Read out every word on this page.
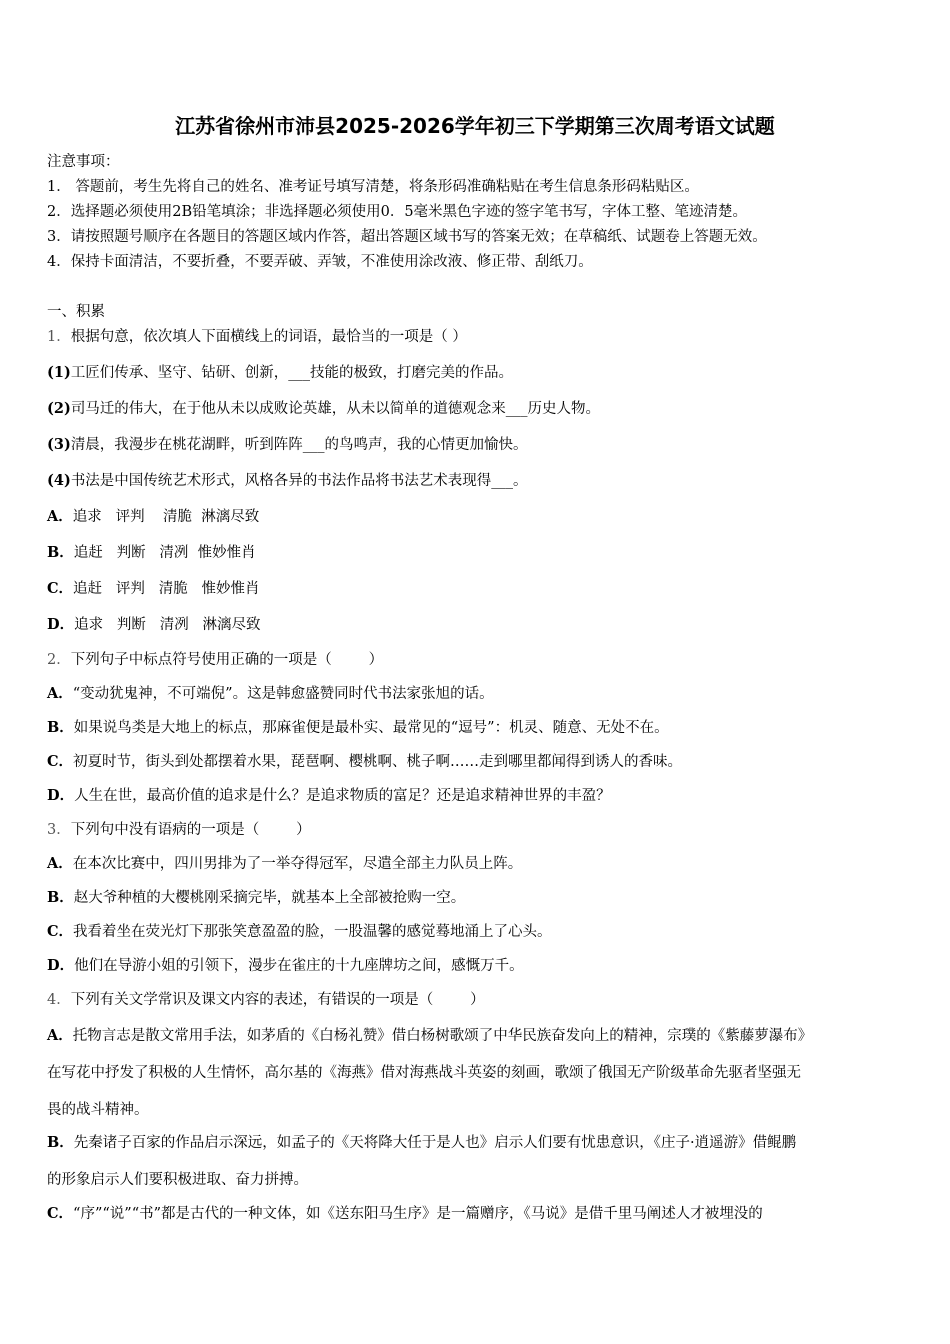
江苏省徐州市沛县2025-2026学年初三下学期第三次周考语文试题
注意事项：
1． 答题前，考生先将自己的姓名、准考证号填写清楚，将条形码准确粘贴在考生信息条形码粘贴区。
2．选择题必须使用2B铅笔填涂；非选择题必须使用0．5毫米黑色字迹的签字笔书写，字体工整、笔迹清楚。
3．请按照题号顺序在各题目的答题区域内作答，超出答题区域书写的答案无效；在草稿纸、试题卷上答题无效。
4．保持卡面清洁，不要折叠，不要弄破、弄皱，不准使用涂改液、修正带、刮纸刀。
一、积累
1．根据句意，依次填人下面横线上的词语，最恰当的一项是（ ）
(1)工匠们传承、坚守、钻研、创新，___技能的极致，打磨完美的作品。
(2)司马迁的伟大，在于他从未以成败论英雄，从未以简单的道德观念来___历史人物。
(3)清晨，我漫步在桃花湖畔，听到阵阵___的鸟鸣声，我的心情更加愉快。
(4)书法是中国传统艺术形式，风格各异的书法作品将书法艺术表现得___。
A．追求   评判    清脆  淋漓尽致
B．追赶   判断   清冽  惟妙惟肖
C．追赶   评判   清脆   惟妙惟肖
D．追求   判断   清冽   淋漓尽致
2．下列句子中标点符号使用正确的一项是（        ）
A．“变动犹鬼神，不可端倪”。这是韩愈盛赞同时代书法家张旭的话。
B．如果说鸟类是大地上的标点，那麻雀便是最朴实、最常见的“逗号”：机灵、随意、无处不在。
C．初夏时节，街头到处都摆着水果，琵琶啊、樱桃啊、桃子啊……走到哪里都闻得到诱人的香味。
D．人生在世，最高价值的追求是什么？是追求物质的富足？还是追求精神世界的丰盈？
3．下列句中没有语病的一项是（        ）
A．在本次比赛中，四川男排为了一举夺得冠军，尽遣全部主力队员上阵。
B．赵大爷种植的大樱桃刚采摘完毕，就基本上全部被抢购一空。
C．我看着坐在荧光灯下那张笑意盈盈的脸，一股温馨的感觉蓦地涌上了心头。
D．他们在导游小姐的引领下，漫步在雀庄的十九座牌坊之间，感慨万千。
4．下列有关文学常识及课文内容的表述，有错误的一项是（        ）
A．托物言志是散文常用手法，如茅盾的《白杨礼赞》借白杨树歌颂了中华民族奋发向上的精神，宗璞的《紫藤萝瀑布》
在写花中抒发了积极的人生情怀，高尔基的《海燕》借对海燕战斗英姿的刻画，歌颂了俄国无产阶级革命先驱者坚强无
畏的战斗精神。
B．先秦诸子百家的作品启示深远，如孟子的《天将降大任于是人也》启示人们要有忧患意识，《庄子·逍遥游》借鲲鹏
的形象启示人们要积极进取、奋力拼搏。
C．“序”“说”“书”都是古代的一种文体，如《送东阳马生序》是一篇赠序，《马说》是借千里马阐述人才被埋没的
